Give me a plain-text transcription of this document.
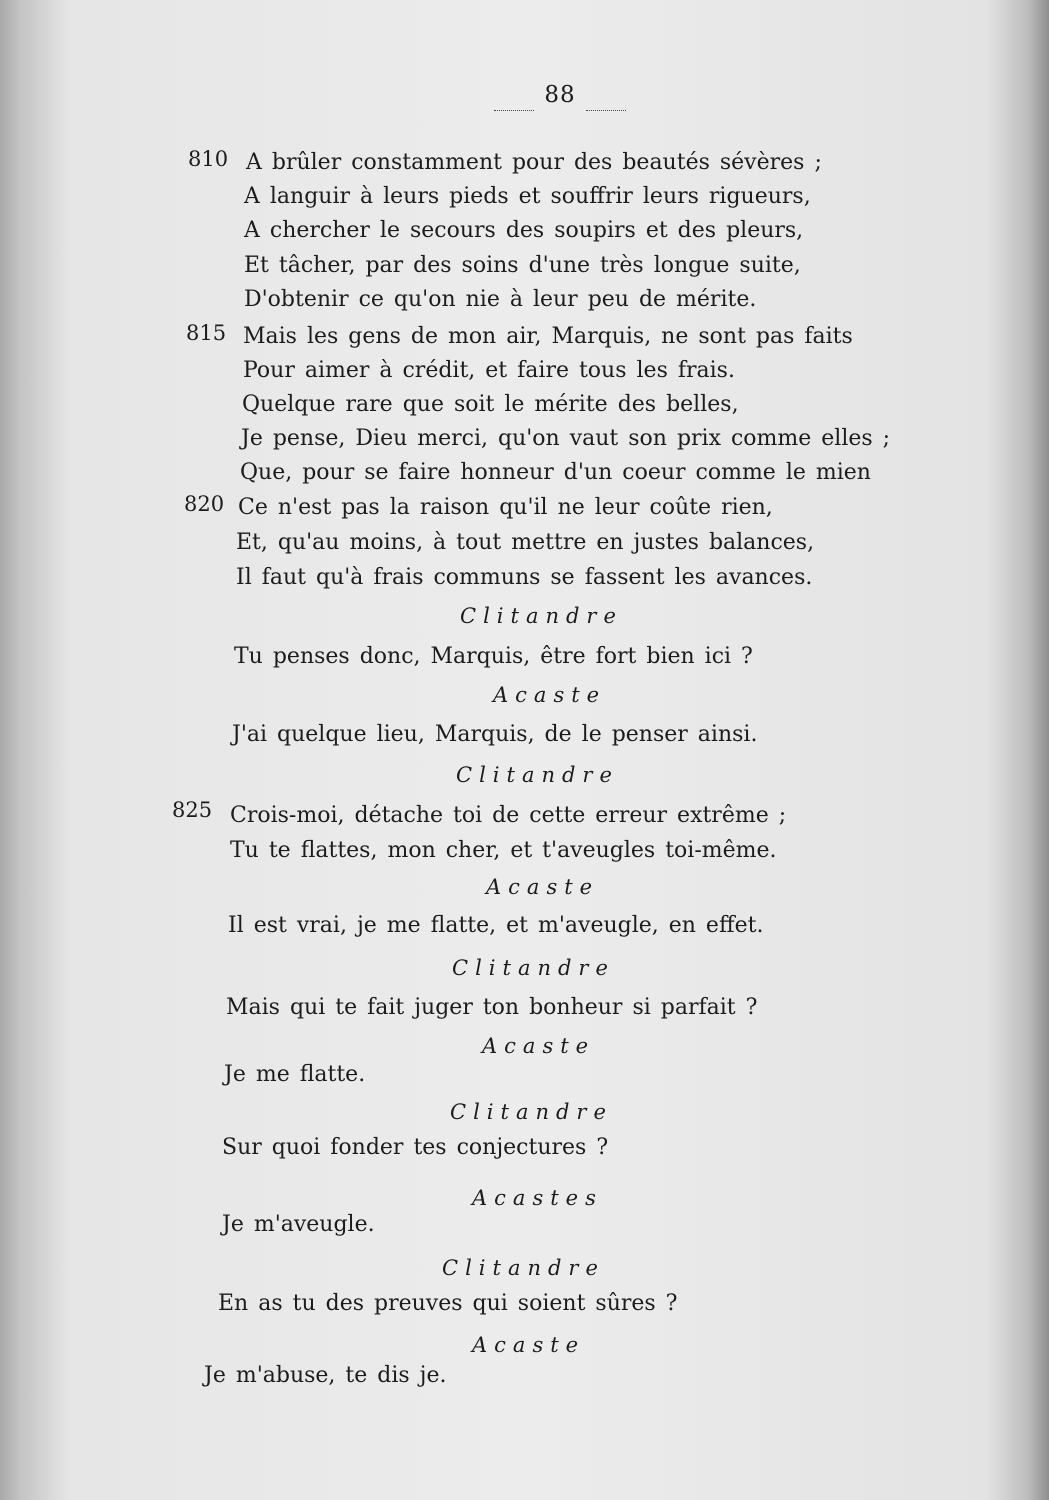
88
810
815
820
825
A brûler constamment pour des beautés sévères ;
A languir à leurs pieds et souffrir leurs rigueurs,
A chercher le secours des soupirs et des pleurs,
Et tâcher, par des soins d'une très longue suite,
D'obtenir ce qu'on nie à leur peu de mérite.
Mais les gens de mon air, Marquis, ne sont pas faits
Pour aimer à crédit, et faire tous les frais.
Quelque rare que soit le mérite des belles,
Je pense, Dieu merci, qu'on vaut son prix comme elles ;
Que, pour se faire honneur d'un coeur comme le mien
Ce n'est pas la raison qu'il ne leur coûte rien,
Et, qu'au moins, à tout mettre en justes balances,
Il faut qu'à frais communs se fassent les avances.
Clitandre
Tu penses donc, Marquis, être fort bien ici ?
Acaste
J'ai quelque lieu, Marquis, de le penser ainsi.
Clitandre
Crois-moi, détache toi de cette erreur extrême ;
Tu te flattes, mon cher, et t'aveugles toi-même.
Acaste
Il est vrai, je me flatte, et m'aveugle, en effet.
Clitandre
Mais qui te fait juger ton bonheur si parfait ?
Acaste
Je me flatte.
Clitandre
Sur quoi fonder tes conjectures ?
Acastes
Je m'aveugle.
Clitandre
En as tu des preuves qui soient sûres ?
Acaste
Je m'abuse, te dis je.
